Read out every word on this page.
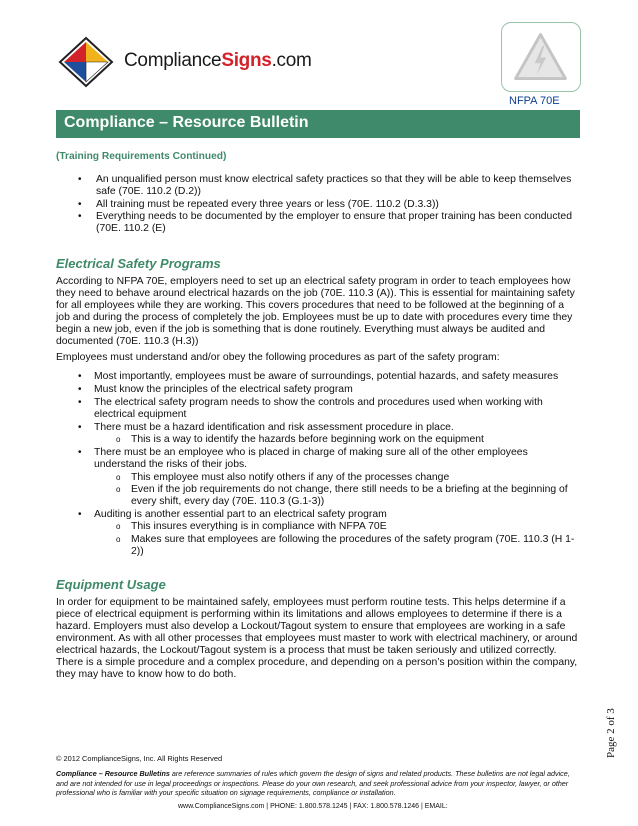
ComplianceSigns.com
NFPA 70E
Compliance – Resource Bulletin
(Training Requirements Continued)
• An unqualified person must know electrical safety practices so that they will be able to keep themselves
safe (70E. 110.2 (D.2))
• All training must be repeated every three years or less (70E. 110.2 (D.3.3))
• Everything needs to be documented by the employer to ensure that proper training has been conducted
(70E. 110.2 (E)
Electrical Safety Programs
According to NFPA 70E, employers need to set up an electrical safety program in order to teach employees how
they need to behave around electrical hazards on the job (70E. 110.3 (A)). This is essential for maintaining safety
for all employees while they are working. This covers procedures that need to be followed at the beginning of a
job and during the process of completely the job. Employees must be up to date with procedures every time they
begin a new job, even if the job is something that is done routinely. Everything must always be audited and
documented (70E. 110.3 (H.3))
Employees must understand and/or obey the following procedures as part of the safety program:
• Most importantly, employees must be aware of surroundings, potential hazards, and safety measures
• Must know the principles of the electrical safety program
• The electrical safety program needs to show the controls and procedures used when working with
electrical equipment
• There must be a hazard identification and risk assessment procedure in place.
o This is a way to identify the hazards before beginning work on the equipment
• There must be an employee who is placed in charge of making sure all of the other employees
understand the risks of their jobs.
o This employee must also notify others if any of the processes change
o Even if the job requirements do not change, there still needs to be a briefing at the beginning of
every shift, every day (70E. 110.3 (G.1-3))
• Auditing is another essential part to an electrical safety program
o This insures everything is in compliance with NFPA 70E
o Makes sure that employees are following the procedures of the safety program (70E. 110.3 (H 1-
2))
Equipment Usage
In order for equipment to be maintained safely, employees must perform routine tests. This helps determine if a
piece of electrical equipment is performing within its limitations and allows employees to determine if there is a
hazard. Employers must also develop a Lockout/Tagout system to ensure that employees are working in a safe
environment. As with all other processes that employees must master to work with electrical machinery, or around
electrical hazards, the Lockout/Tagout system is a process that must be taken seriously and utilized correctly.
There is a simple procedure and a complex procedure, and depending on a person’s position within the company,
they may have to know how to do both.
Page 2 of 3
© 2012 ComplianceSigns, Inc. All Rights Reserved
Compliance – Resource Bulletins are reference summaries of rules which govern the design of signs and related products. These bulletins are not legal advice,
and are not intended for use in legal proceedings or inspections. Please do your own research, and seek professional advice from your inspector, lawyer, or other
professional who is familiar with your specific situation on signage requirements, compliance or installation.
www.ComplianceSigns.com | PHONE: 1.800.578.1245 | FAX: 1.800.578.1246 | EMAIL:
